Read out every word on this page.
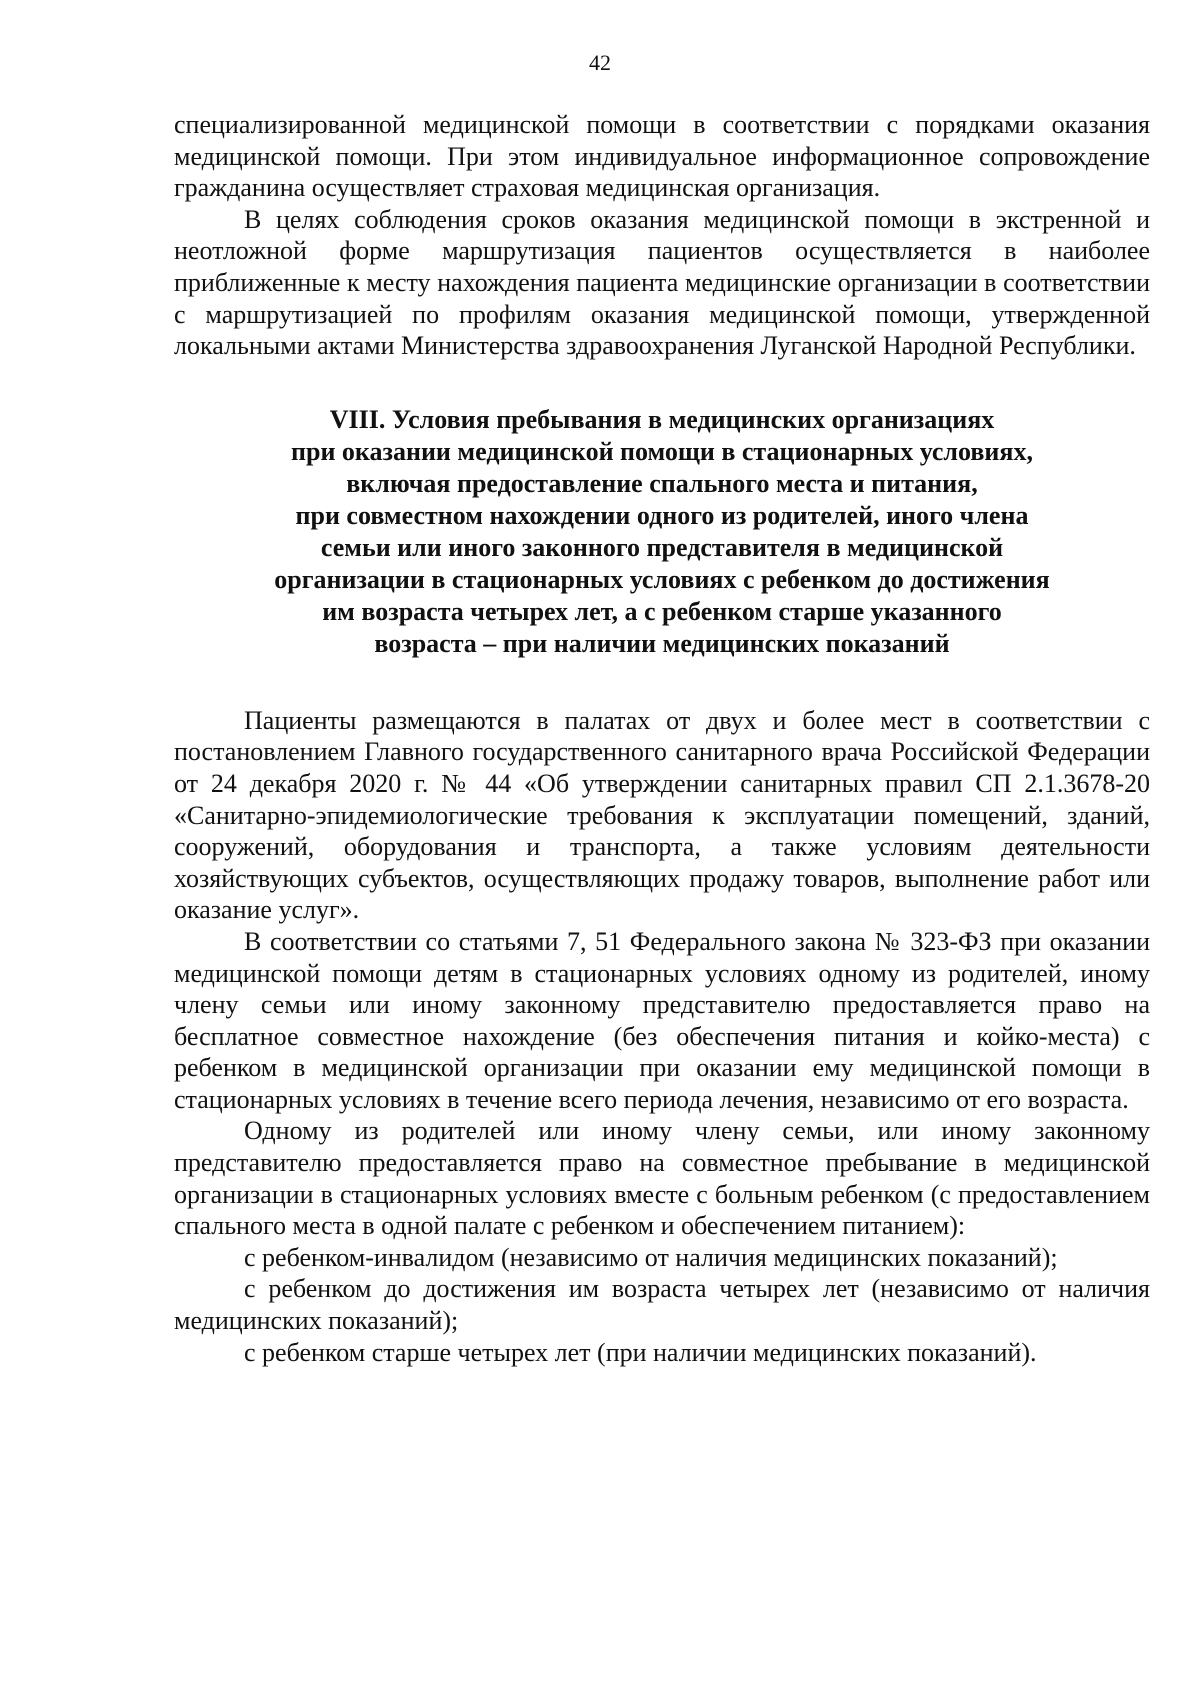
42

специализированной медицинской помощи в соответствии с порядками оказания медицинской помощи. При этом индивидуальное информационное сопровождение гражданина осуществляет страховая медицинская организация.

В целях соблюдения сроков оказания медицинской помощи в экстренной и неотложной форме маршрутизация пациентов осуществляется в наиболее приближенные к месту нахождения пациента медицинские организации в соответствии с маршрутизацией по профилям оказания медицинской помощи, утвержденной локальными актами Министерства здравоохранения Луганской Народной Республики.

VIII. Условия пребывания в медицинских организациях
при оказании медицинской помощи в стационарных условиях,
включая предоставление спального места и питания,
при совместном нахождении одного из родителей, иного члена
семьи или иного законного представителя в медицинской
организации в стационарных условиях с ребенком до достижения
им возраста четырех лет, а с ребенком старше указанного
возраста – при наличии медицинских показаний

Пациенты размещаются в палатах от двух и более мест в соответствии с постановлением Главного государственного санитарного врача Российской Федерации от 24 декабря 2020 г. № 44 «Об утверждении санитарных правил СП 2.1.3678-20 «Санитарно-эпидемиологические требования к эксплуатации помещений, зданий, сооружений, оборудования и транспорта, а также условиям деятельности хозяйствующих субъектов, осуществляющих продажу товаров, выполнение работ или оказание услуг».

В соответствии со статьями 7, 51 Федерального закона № 323-ФЗ при оказании медицинской помощи детям в стационарных условиях одному из родителей, иному члену семьи или иному законному представителю предоставляется право на бесплатное совместное нахождение (без обеспечения питания и койко-места) с ребенком в медицинской организации при оказании ему медицинской помощи в стационарных условиях в течение всего периода лечения, независимо от его возраста.

Одному из родителей или иному члену семьи, или иному законному представителю предоставляется право на совместное пребывание в медицинской организации в стационарных условиях вместе с больным ребенком (с предоставлением спального места в одной палате с ребенком и обеспечением питанием):

с ребенком-инвалидом (независимо от наличия медицинских показаний);

с ребенком до достижения им возраста четырех лет (независимо от наличия медицинских показаний);

с ребенком старше четырех лет (при наличии медицинских показаний).
